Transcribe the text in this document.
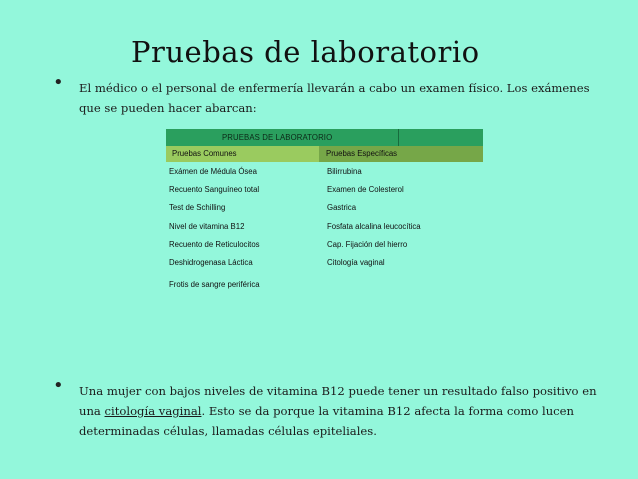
Pruebas de laboratorio
• El médico o el personal de enfermería llevarán a cabo un examen físico. Los exámenes que se pueden hacer abarcan:
PRUEBAS DE LABORATORIO
Pruebas Comunes	Pruebas Específicas
Exámen de Médula Ósea	Bilirrubina
Recuento Sanguíneo total	Examen de Colesterol
Test de Schilling	Gastrica
Nivel de vitamina B12	Fosfata alcalina leucocítica
Recuento de Reticulocitos	Cap. Fijación del hierro
Deshidrogenasa Láctica	Citología vaginal
Frotis de sangre periférica
• Una mujer con bajos niveles de vitamina B12 puede tener un resultado falso positivo en una citología vaginal. Esto se da porque la vitamina B12 afecta la forma como lucen determinadas células, llamadas células epiteliales.
